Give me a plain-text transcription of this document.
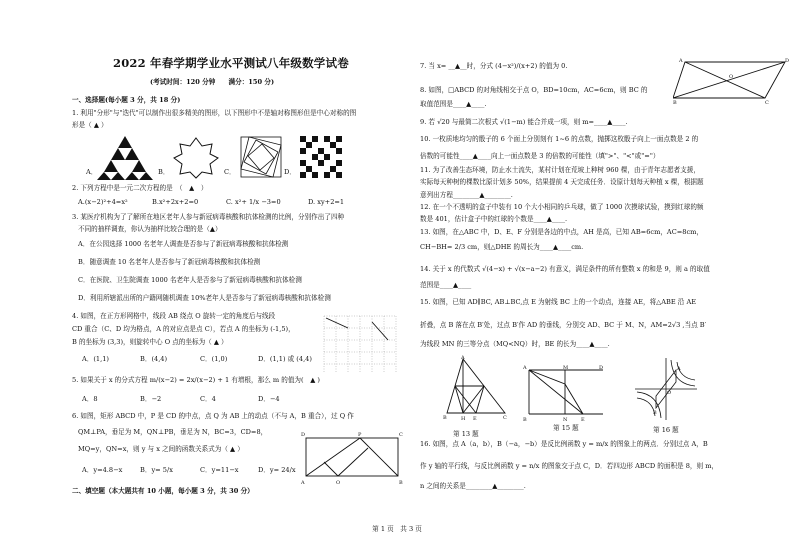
2022 年春学期学业水平测试八年级数学试卷
(考试时间：120 分钟　　满分：150 分)
一、选择题(每小题 3 分，共 18 分)
1. 利用"分形"与"迭代"可以制作出很多精美的图形，以下图形中不是轴对称图形但是中心对称的图
形是（ ▲ ）
A．	B．	C．	D．
2. 下列方程中是一元二次方程的是　（　▲　）
A.(x−2)²+4=x²	B.x²+2x+2=0	C. x²+ 1/x −3=0	D. xy+2=1
3. 某医疗机构为了了解所在地区老年人参与新冠病毒核酸和抗体检测的比例，分别作出了四种
不同的抽样调查，你认为抽样比较合理的是（▲）
A．在公园选择 1000 名老年人调查是否参与了新冠病毒核酸和抗体检测
B．随意调查 10 名老年人是否参与了新冠病毒核酸和抗体检测
C．在医院、卫生院调查 1000 名老年人是否参与了新冠病毒核酸和抗体检测
D．利用所辖派出所的户籍网随机调查 10%老年人是否参与了新冠病毒核酸和抗体检测
4. 如图，在正方形网格中，线段 AB 绕点 O 旋转一定的角度后与线段
CD 重合（C、D 均为格点，A 的对应点是点 C），若点 A 的坐标为 (-1,5)，
B 的坐标为 (3,3)，则旋转中心 O 点的坐标为（ ▲ ）
A．(1,1)	B．(4,4)	C．(1,0)	D．(1,1) 或 (4,4)
5. 如果关于 x 的分式方程 m/(x−2) = 2x/(x−2) + 1 有增根，那么 m 的值为(　▲ )
A．8	B．−2	C．4	D．−4
6. 如图，矩形 ABCD 中，P 是 CD 的中点，点 Q 为 AB 上的动点（不与 A，B 重合），过 Q 作
QM⊥PA，垂足为 M，QN⊥PB，垂足为 N，BC=3，CD=8，
MQ=y，QN=x，则 y 与 x 之间的函数关系式为（ ▲ ）
A．y=4.8−x	B．y= 5/x	C．y=11−x	D．y= 24/x
D	P	C
A	Q	B
二、填空题（本大题共有 10 小题，每小题 3 分，共 30 分）
7. 当 x= __▲__时，分式 (4−x²)/(x+2) 的值为 0.
A	D
B	C
O
8. 如图，□ABCD 的对角线相交于点 O，BD=10cm，AC=6cm，则 BC 的
取值范围是____▲____.
9. 若 √20 与最简二次根式 √(1−m) 能合并成一项，则 m=____▲____.
10. 一枚质地均匀的骰子的 6 个面上分别刻有 1~6 的点数，抛掷这枚骰子向上一面点数是 2 的
倍数的可能性____▲____向上一面点数是 3 的倍数的可能性（填">"、"<"或"="）
11. 为了改善生态环境，防止水土流失，某村计划在荒坡上种树 960 棵，由于青年志愿者支援，
实际每天种树的棵数比原计划多 50%，结果提前 4 天完成任务．设原计划每天种植 x 棵，根据题
意列出方程________▲________.
12. 在一个不透明的盒子中装有 10 个大小相同的乒乓球，做了 1000 次摸球试验，摸到红球的频
数是 401，估计盒子中的红球的个数是____▲____.
13. 如图，在△ABC 中，D、E、F 分别是各边的中点，AH 是高，已知 AB=6cm，AC=8cm，
CH−BH= 2/3 cm，则△DHE 的周长为____▲____cm.
14. 关于 x 的代数式 √(4−x) + √(x−a−2) 有意义，满足条件的所有整数 x 的和是 9，则 a 的取值
范围是____▲____
15. 如图，已知 AD∥BC, AB⊥BC,点 E 为射线 BC 上的一个动点，连接 AE，将△ABE 沿 AE
折叠，点 B 落在点 B′处，过点 B′作 AD 的垂线，分别交 AD、BC 于 M、N，AM=2√3 ,当点 B′
为线段 MN 的三等分点（MQ<NQ）时，BE 的长为____▲____.
A
B	H E	C
第 13 题
A	M	D
B	N	E
第 15 题
A
B
O
第 16 题
16. 如图，点 A（a，b），B（−a，−b）是反比例函数 y = m/x 的图象上的两点．分别过点 A，B
作 y 轴的平行线，与反比例函数 y = n/x 的图象交于点 C，D．若四边形 ABCD 的面积是 8，则 m，
n 之间的关系是________▲________.
第 1 页　共 3 页
